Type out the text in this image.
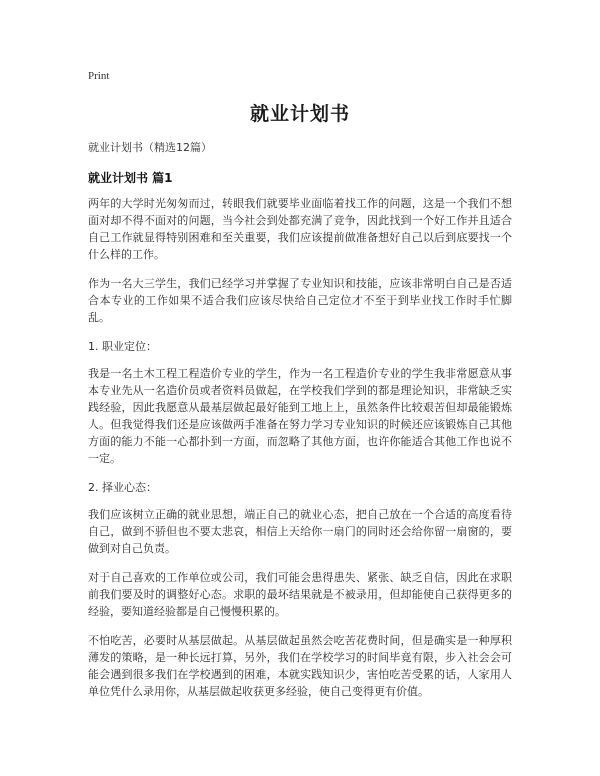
Print
就业计划书

就业计划书（精选12篇）

就业计划书 篇1

两年的大学时光匆匆而过，转眼我们就要毕业面临着找工作的问题，这是一个我们不想面对却不得不面对的问题，当今社会到处都充满了竞争，因此找到一个好工作并且适合自己工作就显得特别困难和至关重要，我们应该提前做准备想好自己以后到底要找一个什么样的工作。

作为一名大三学生，我们已经学习并掌握了专业知识和技能，应该非常明白自己是否适合本专业的工作如果不适合我们应该尽快给自己定位才不至于到毕业找工作时手忙脚乱。

1. 职业定位：

我是一名土木工程工程造价专业的学生，作为一名工程造价专业的学生我非常愿意从事本专业先从一名造价员或者资料员做起，在学校我们学到的都是理论知识，非常缺乏实践经验，因此我愿意从最基层做起最好能到工地上上，虽然条件比较艰苦但却最能锻炼人。但我觉得我们还是应该做两手准备在努力学习专业知识的时候还应该锻炼自己其他方面的能力不能一心都扑到一方面，而忽略了其他方面，也许你能适合其他工作也说不一定。

2. 择业心态：

我们应该树立正确的就业思想，端正自己的就业心态，把自己放在一个合适的高度看待自己，做到不骄但也不要太悲哀，相信上天给你一扇门的同时还会给你留一扇窗的，要做到对自己负责。

对于自己喜欢的工作单位或公司，我们可能会患得患失、紧张、缺乏自信，因此在求职前我们要及时的调整好心态。求职的最坏结果就是不被录用，但却能使自己获得更多的经验，要知道经验都是自己慢慢积累的。

不怕吃苦，必要时从基层做起。从基层做起虽然会吃苦花费时间，但是确实是一种厚积薄发的策略，是一种长远打算，另外，我们在学校学习的时间毕竟有限，步入社会会可能会遇到很多我们在学校遇到的困难，本就实践知识少，害怕吃苦受累的话，人家用人单位凭什么录用你，从基层做起收获更多经验，使自己变得更有价值。
